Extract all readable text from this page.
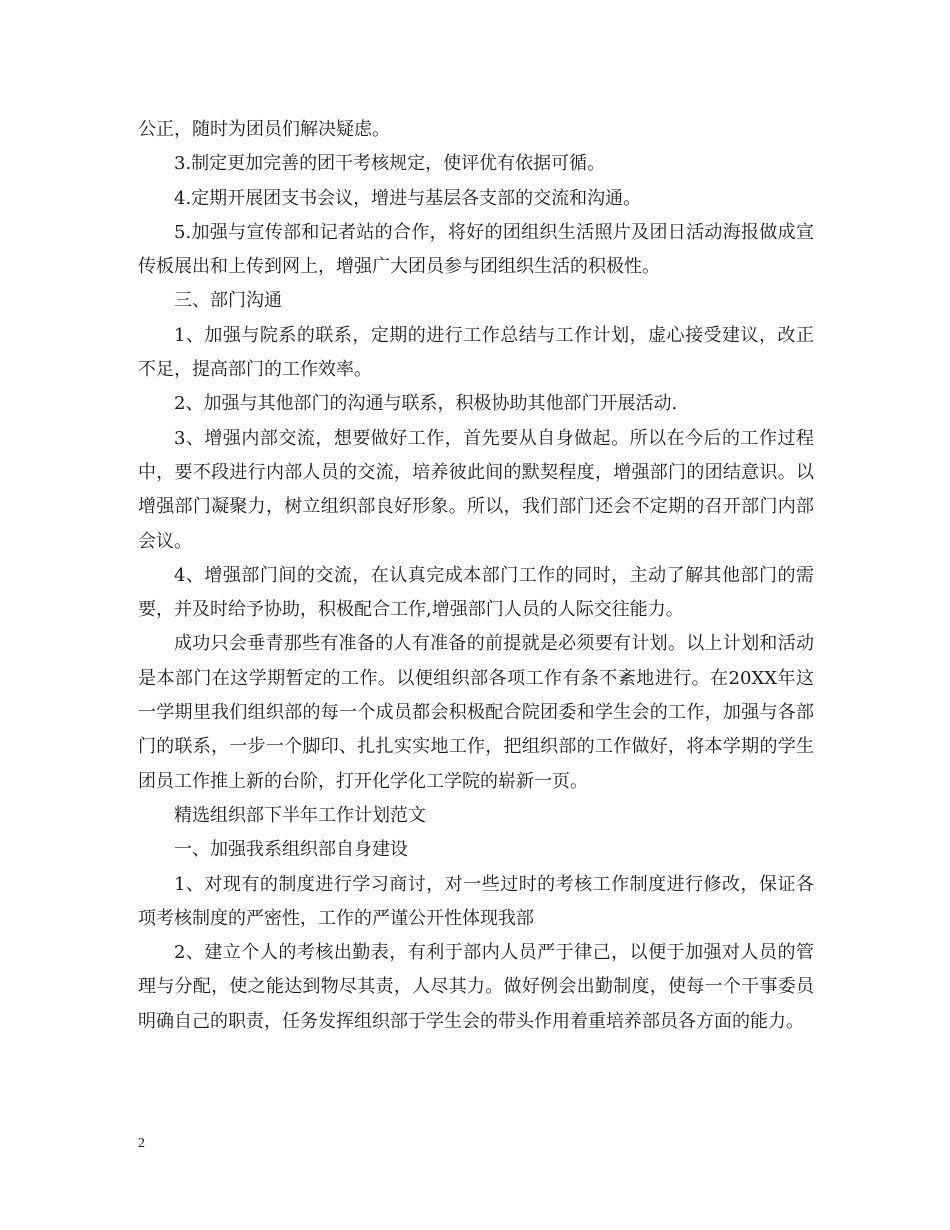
公正，随时为团员们解决疑虑。

3.制定更加完善的团干考核规定，使评优有依据可循。

4.定期开展团支书会议，增进与基层各支部的交流和沟通。

5.加强与宣传部和记者站的合作，将好的团组织生活照片及团日活动海报做成宣传板展出和上传到网上，增强广大团员参与团组织生活的积极性。

三、部门沟通

1、加强与院系的联系，定期的进行工作总结与工作计划，虚心接受建议，改正不足，提高部门的工作效率。

2、加强与其他部门的沟通与联系，积极协助其他部门开展活动.

3、增强内部交流，想要做好工作，首先要从自身做起。所以在今后的工作过程中，要不段进行内部人员的交流，培养彼此间的默契程度，增强部门的团结意识。以增强部门凝聚力，树立组织部良好形象。所以，我们部门还会不定期的召开部门内部会议。

4、增强部门间的交流，在认真完成本部门工作的同时，主动了解其他部门的需要，并及时给予协助，积极配合工作,增强部门人员的人际交往能力。

成功只会垂青那些有准备的人有准备的前提就是必须要有计划。以上计划和活动是本部门在这学期暂定的工作。以便组织部各项工作有条不紊地进行。在20XX年这一学期里我们组织部的每一个成员都会积极配合院团委和学生会的工作，加强与各部门的联系，一步一个脚印、扎扎实实地工作，把组织部的工作做好，将本学期的学生团员工作推上新的台阶，打开化学化工学院的崭新一页。

精选组织部下半年工作计划范文

一、加强我系组织部自身建设

1、对现有的制度进行学习商讨，对一些过时的考核工作制度进行修改，保证各项考核制度的严密性，工作的严谨公开性体现我部

2、建立个人的考核出勤表，有利于部内人员严于律己，以便于加强对人员的管理与分配，使之能达到物尽其责，人尽其力。做好例会出勤制度，使每一个干事委员明确自己的职责，任务发挥组织部于学生会的带头作用着重培养部员各方面的能力。

2
